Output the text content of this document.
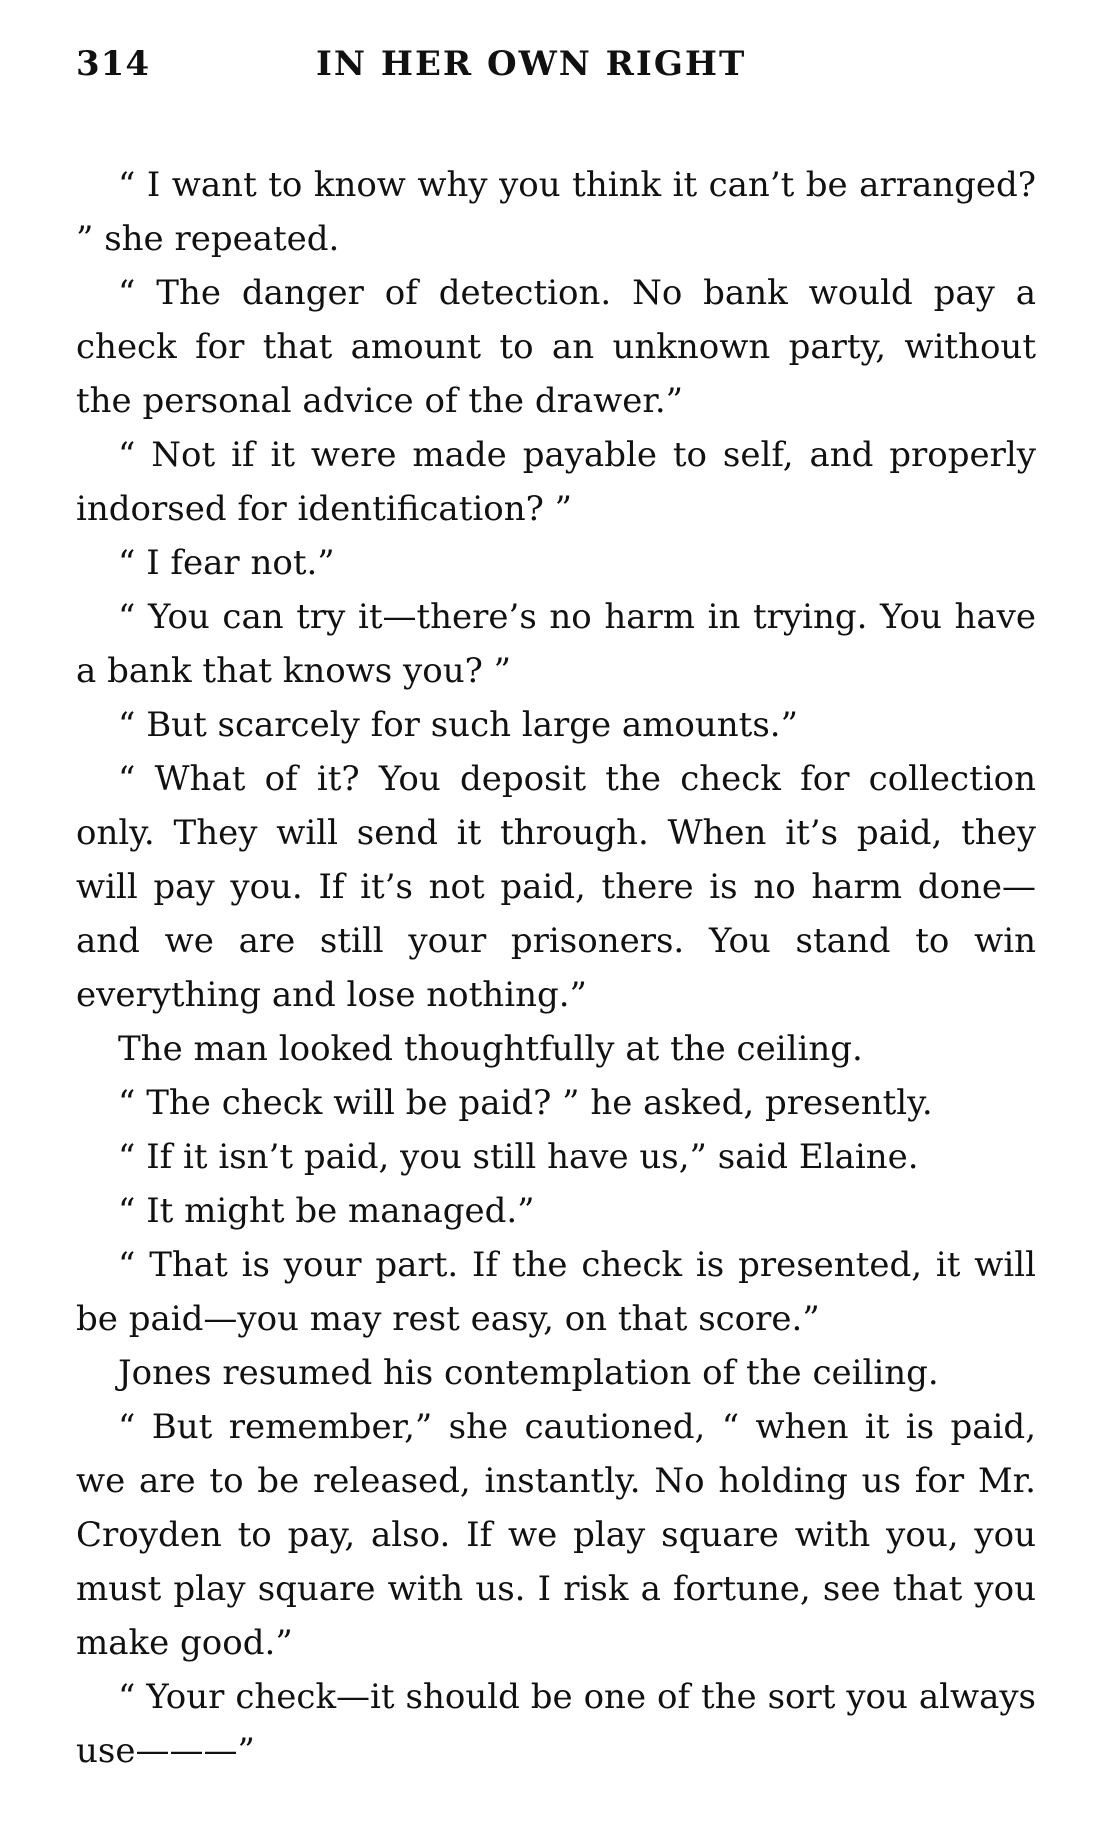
314	IN HER OWN RIGHT

“ I want to know why you think it can’t be arranged? ” she repeated.

“ The danger of detection. No bank would pay a check for that amount to an unknown party, without the personal advice of the drawer.”

“ Not if it were made payable to self, and properly indorsed for identification? ”

“ I fear not.”

“ You can try it—there’s no harm in trying. You have a bank that knows you? ”

“ But scarcely for such large amounts.”

“ What of it? You deposit the check for collection only. They will send it through. When it’s paid, they will pay you. If it’s not paid, there is no harm done—and we are still your prisoners. You stand to win everything and lose nothing.”

The man looked thoughtfully at the ceiling.

“ The check will be paid? ” he asked, presently.

“ If it isn’t paid, you still have us,” said Elaine.

“ It might be managed.”

“ That is your part. If the check is presented, it will be paid—you may rest easy, on that score.”

Jones resumed his contemplation of the ceiling.

“ But remember,” she cautioned, “ when it is paid, we are to be released, instantly. No holding us for Mr. Croyden to pay, also. If we play square with you, you must play square with us. I risk a fortune, see that you make good.”

“ Your check—it should be one of the sort you always use———”
